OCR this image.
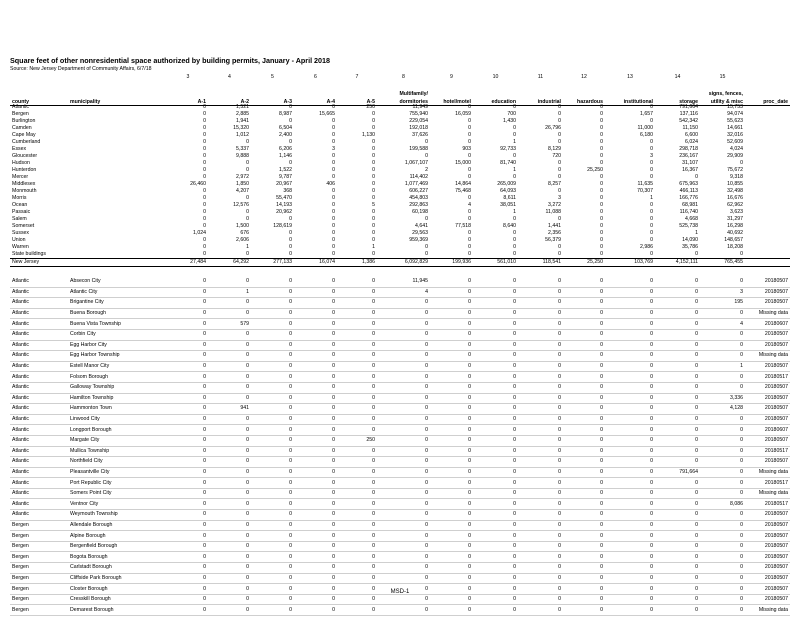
Square feet of other nonresidential space authorized by building permits, January - April 2018
Source: New Jersey Department of Community Affairs, 6/7/18
		3	4	5	6	7	8	9	10	11	12	13	14	15	
							Multifamily/							signs, fences,	
county	municipality	A-1	A-2	A-3	A-4	A-5	dormitories	hotel/motel	education	industrial	hazardous	institutional	storage	utility & misc	proc_date
Atlantic		0	1,521	0	0	250	11,949	0	0	0	0	0	791,664	15,753	
Bergen		0	2,885	8,987	15,665	0	755,940	16,059	700	0	0	1,657	137,116	94,074	
Burlington		0	1,941	0	0	0	229,054	0	1,430	0	0	0	542,342	55,623	
Camden		0	15,320	6,504	0	0	192,018	0	0	26,796	0	11,000	11,150	14,661	
Cape May		0	1,012	2,400	0	1,130	37,626	0	0	0	0	6,180	6,600	32,016	
Cumberland		0	0	0	0	0	0	0	1	0	0	0	6,024	52,609	
Essex		0	5,337	6,206	3	0	199,588	903	92,733	8,129	0	0	298,718	4,024	
Gloucester		0	9,888	1,146	0	0	0	0	0	720	0	3	236,167	29,909	
Hudson		0	0	0	0	0	1,067,107	15,000	81,740	0	0	0	31,107	0	
Hunterdon		0	0	1,522	0	0	2	0	1	0	25,250	0	16,367	75,672	
Mercer		0	2,972	9,787	0	0	114,402	0	0	0	0	0	0	9,318	
Middlesex		26,460	1,850	20,967	406	0	1,077,469	14,864	265,009	8,257	0	11,635	675,963	10,855	
Monmouth		0	4,207	368	0	0	606,227	75,468	64,093	0	0	70,307	466,113	32,498	
Morris		0	0	55,470	0	0	454,803	0	8,611	3	0	1	166,776	16,676	
Ocean		0	12,576	14,193	0	5	292,863	4	38,051	3,272	0	0	68,981	62,962	
Passaic		0	0	20,962	0	0	60,198	0	1	11,088	0	0	116,740	3,623	
Salem		0	0	0	0	0	0	0	0	0	0	0	4,668	31,297	
Somerset		0	1,500	128,619	0	0	4,641	77,518	8,640	1,441	0	0	525,738	16,298	
Sussex		1,024	676	0	0	0	29,563	0	0	2,356	0	0	1	40,692	
Union		0	2,606	0	0	0	959,369	0	0	56,379	0	0	14,090	148,657	
Warren		0	1	0	0	1	0	0	0	0	0	2,986	35,786	18,208	
State buildings		0	0	0	0	0	0	0	0	0	0	0	0	0	
New Jersey		27,484	64,292	277,133	16,074	1,386	6,092,829	199,936	561,010	118,541	25,250	103,769	4,152,111	765,455	
Atlantic	Absecon City	0	0	0	0	0	11,945	0	0	0	0	0	0	0	20180507
Atlantic	Atlantic City	0	1	0	0	0	4	0	0	0	0	0	0	3	20180507
Atlantic	Brigantine City	0	0	0	0	0	0	0	0	0	0	0	0	195	20180507
Atlantic	Buena Borough	0	0	0	0	0	0	0	0	0	0	0	0	0	Missing data
Atlantic	Buena Vista Township	0	579	0	0	0	0	0	0	0	0	0	0	4	20180607
Atlantic	Corbin City	0	0	0	0	0	0	0	0	0	0	0	0	0	20180507
Atlantic	Egg Harbor City	0	0	0	0	0	0	0	0	0	0	0	0	0	20180507
Atlantic	Egg Harbor Township	0	0	0	0	0	0	0	0	0	0	0	0	0	Missing data
Atlantic	Estell Manor City	0	0	0	0	0	0	0	0	0	0	0	0	1	20180507
Atlantic	Folsom Borough	0	0	0	0	0	0	0	0	0	0	0	0	0	20180517
Atlantic	Galloway Township	0	0	0	0	0	0	0	0	0	0	0	0	0	20180507
Atlantic	Hamilton Township	0	0	0	0	0	0	0	0	0	0	0	0	3,336	20180507
Atlantic	Hammonton Town	0	941	0	0	0	0	0	0	0	0	0	0	4,128	20180507
Atlantic	Linwood City	0	0	0	0	0	0	0	0	0	0	0	0	0	20180507
Atlantic	Longport Borough	0	0	0	0	0	0	0	0	0	0	0	0	0	20180607
Atlantic	Margate City	0	0	0	0	250	0	0	0	0	0	0	0	0	20180507
Atlantic	Mullica Township	0	0	0	0	0	0	0	0	0	0	0	0	0	20180517
Atlantic	Northfield City	0	0	0	0	0	0	0	0	0	0	0	0	0	20180507
Atlantic	Pleasantville City	0	0	0	0	0	0	0	0	0	0	0	791,664	0	Missing data
Atlantic	Port Republic City	0	0	0	0	0	0	0	0	0	0	0	0	0	20180517
Atlantic	Somers Point City	0	0	0	0	0	0	0	0	0	0	0	0	0	Missing data
Atlantic	Ventnor City	0	0	0	0	0	0	0	0	0	0	0	0	8,086	20180517
Atlantic	Weymouth Township	0	0	0	0	0	0	0	0	0	0	0	0	0	20180507
Bergen	Allendale Borough	0	0	0	0	0	0	0	0	0	0	0	0	0	20180507
Bergen	Alpine Borough	0	0	0	0	0	0	0	0	0	0	0	0	0	20180507
Bergen	Bergenfield Borough	0	0	0	0	0	0	0	0	0	0	0	0	0	20180507
Bergen	Bogota Borough	0	0	0	0	0	0	0	0	0	0	0	0	0	20180507
Bergen	Carlstadt Borough	0	0	0	0	0	0	0	0	0	0	0	0	0	20180507
Bergen	Cliffside Park Borough	0	0	0	0	0	0	0	0	0	0	0	0	0	20180507
Bergen	Closter Borough	0	0	0	0	0	0	0	0	0	0	0	0	0	20180507
Bergen	Cresskill Borough	0	0	0	0	0	0	0	0	0	0	0	0	0	20180507
Bergen	Demarest Borough	0	0	0	0	0	0	0	0	0	0	0	0	0	Missing data
MSD-1
